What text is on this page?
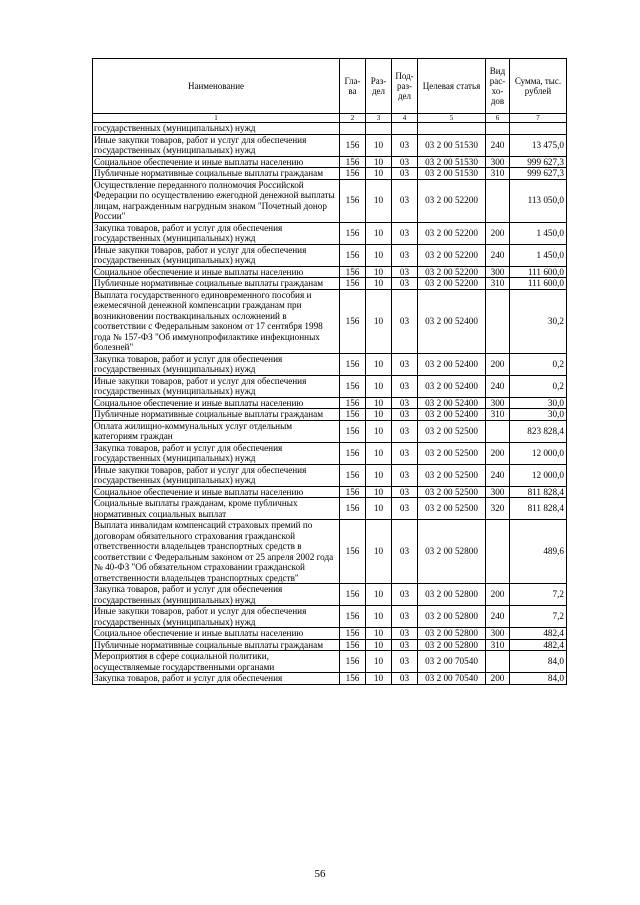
Наименование	Гла-ва	Раз-дел	Под-раз-дел	Целевая статья	Вид рас-хо-дов	Сумма, тыс. рублей
1	2	3	4	5	6	7
государственных (муниципальных) нужд						
Иные закупки товаров, работ и услуг для обеспечения государственных (муниципальных) нужд	156	10	03	03 2 00 51530	240	13 475,0
Социальное обеспечение и иные выплаты населению	156	10	03	03 2 00 51530	300	999 627,3
Публичные нормативные социальные выплаты гражданам	156	10	03	03 2 00 51530	310	999 627,3
Осуществление переданного полномочия Российской Федерации по осуществлению ежегодной денежной выплаты лицам, награжденным нагрудным знаком "Почетный донор России"	156	10	03	03 2 00 52200		113 050,0
Закупка товаров, работ и услуг для обеспечения государственных (муниципальных) нужд	156	10	03	03 2 00 52200	200	1 450,0
Иные закупки товаров, работ и услуг для обеспечения государственных (муниципальных) нужд	156	10	03	03 2 00 52200	240	1 450,0
Социальное обеспечение и иные выплаты населению	156	10	03	03 2 00 52200	300	111 600,0
Публичные нормативные социальные выплаты гражданам	156	10	03	03 2 00 52200	310	111 600,0
Выплата государственного единовременного пособия и ежемесячной денежной компенсации гражданам при возникновении поствакцинальных осложнений в соответствии с Федеральным законом от 17 сентября 1998 года № 157-ФЗ "Об иммунопрофилактике инфекционных болезней"	156	10	03	03 2 00 52400		30,2
Закупка товаров, работ и услуг для обеспечения государственных (муниципальных) нужд	156	10	03	03 2 00 52400	200	0,2
Иные закупки товаров, работ и услуг для обеспечения государственных (муниципальных) нужд	156	10	03	03 2 00 52400	240	0,2
Социальное обеспечение и иные выплаты населению	156	10	03	03 2 00 52400	300	30,0
Публичные нормативные социальные выплаты гражданам	156	10	03	03 2 00 52400	310	30,0
Оплата жилищно-коммунальных услуг отдельным категориям граждан	156	10	03	03 2 00 52500		823 828,4
Закупка товаров, работ и услуг для обеспечения государственных (муниципальных) нужд	156	10	03	03 2 00 52500	200	12 000,0
Иные закупки товаров, работ и услуг для обеспечения государственных (муниципальных) нужд	156	10	03	03 2 00 52500	240	12 000,0
Социальное обеспечение и иные выплаты населению	156	10	03	03 2 00 52500	300	811 828,4
Социальные выплаты гражданам, кроме публичных нормативных социальных выплат	156	10	03	03 2 00 52500	320	811 828,4
Выплата инвалидам компенсаций страховых премий по договорам обязательного страхования гражданской ответственности владельцев транспортных средств в соответствии с Федеральным законом от 25 апреля 2002 года № 40-ФЗ "Об обязательном страховании гражданской ответственности владельцев транспортных средств"	156	10	03	03 2 00 52800		489,6
Закупка товаров, работ и услуг для обеспечения государственных (муниципальных) нужд	156	10	03	03 2 00 52800	200	7,2
Иные закупки товаров, работ и услуг для обеспечения государственных (муниципальных) нужд	156	10	03	03 2 00 52800	240	7,2
Социальное обеспечение и иные выплаты населению	156	10	03	03 2 00 52800	300	482,4
Публичные нормативные социальные выплаты гражданам	156	10	03	03 2 00 52800	310	482,4
Мероприятия в сфере социальной политики, осуществляемые государственными органами	156	10	03	03 2 00 70540		84,0
Закупка товаров, работ и услуг для обеспечения	156	10	03	03 2 00 70540	200	84,0
56
